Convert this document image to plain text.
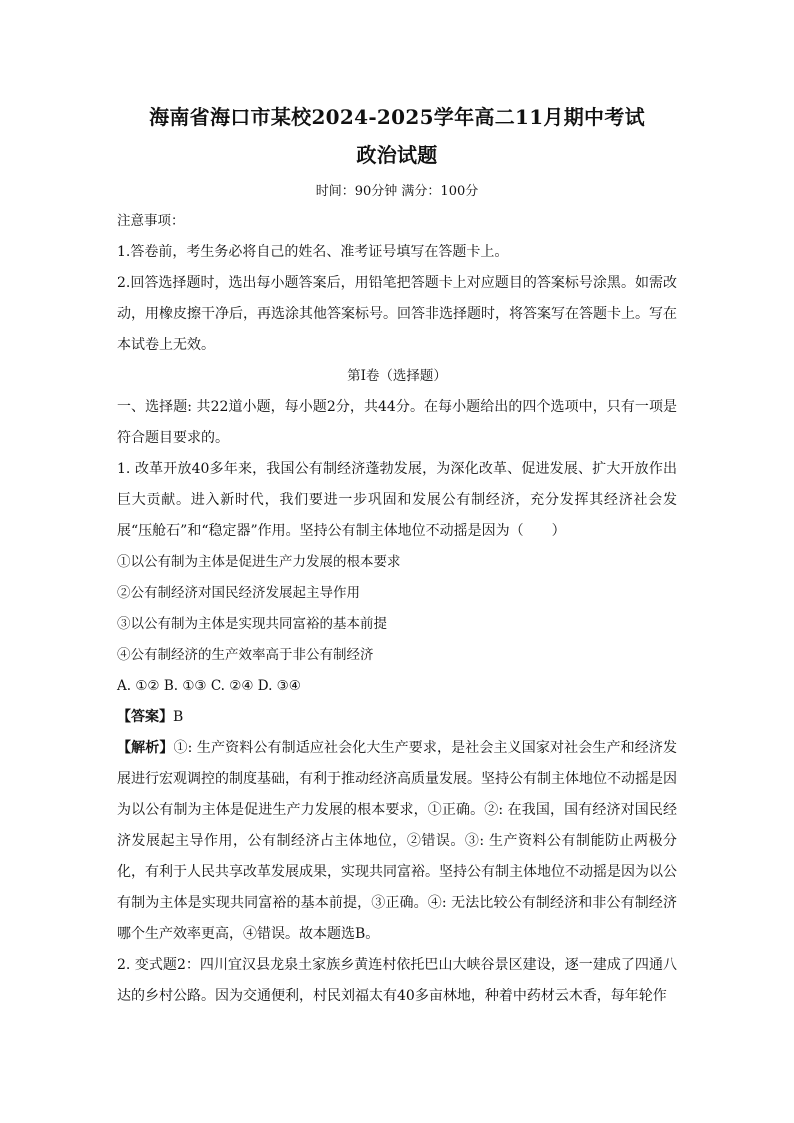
海南省海口市某校2024-2025学年高二11月期中考试
政治试题
时间：90分钟 满分：100分

注意事项：

1.答卷前，考生务必将自己的姓名、准考证号填写在答题卡上。

2.回答选择题时，选出每小题答案后，用铅笔把答题卡上对应题目的答案标号涂黑。如需改动，用橡皮擦干净后，再选涂其他答案标号。回答非选择题时，将答案写在答题卡上。写在本试卷上无效。

第Ⅰ卷（选择题）

一、选择题: 共22道小题，每小题2分，共44分。在每小题给出的四个选项中，只有一项是符合题目要求的。

1. 改革开放40多年来，我国公有制经济蓬勃发展，为深化改革、促进发展、扩大开放作出巨大贡献。进入新时代，我们要进一步巩固和发展公有制经济，充分发挥其经济社会发展“压舱石”和“稳定器”作用。坚持公有制主体地位不动摇是因为（　　）

①以公有制为主体是促进生产力发展的根本要求

②公有制经济对国民经济发展起主导作用

③以公有制为主体是实现共同富裕的基本前提

④公有制经济的生产效率高于非公有制经济

A. ①② B. ①③ C. ②④ D. ③④

【答案】B

【解析】①: 生产资料公有制适应社会化大生产要求，是社会主义国家对社会生产和经济发展进行宏观调控的制度基础，有利于推动经济高质量发展。坚持公有制主体地位不动摇是因为以公有制为主体是促进生产力发展的根本要求，①正确。②: 在我国，国有经济对国民经济发展起主导作用，公有制经济占主体地位，②错误。③: 生产资料公有制能防止两极分化，有利于人民共享改革发展成果，实现共同富裕。坚持公有制主体地位不动摇是因为以公有制为主体是实现共同富裕的基本前提，③正确。④: 无法比较公有制经济和非公有制经济哪个生产效率更高，④错误。故本题选B。

2. 变式题2：四川宜汉县龙泉土家族乡黄连村依托巴山大峡谷景区建设，逐一建成了四通八达的乡村公路。因为交通便利，村民刘福太有40多亩林地，种着中药材云木香，每年轮作
